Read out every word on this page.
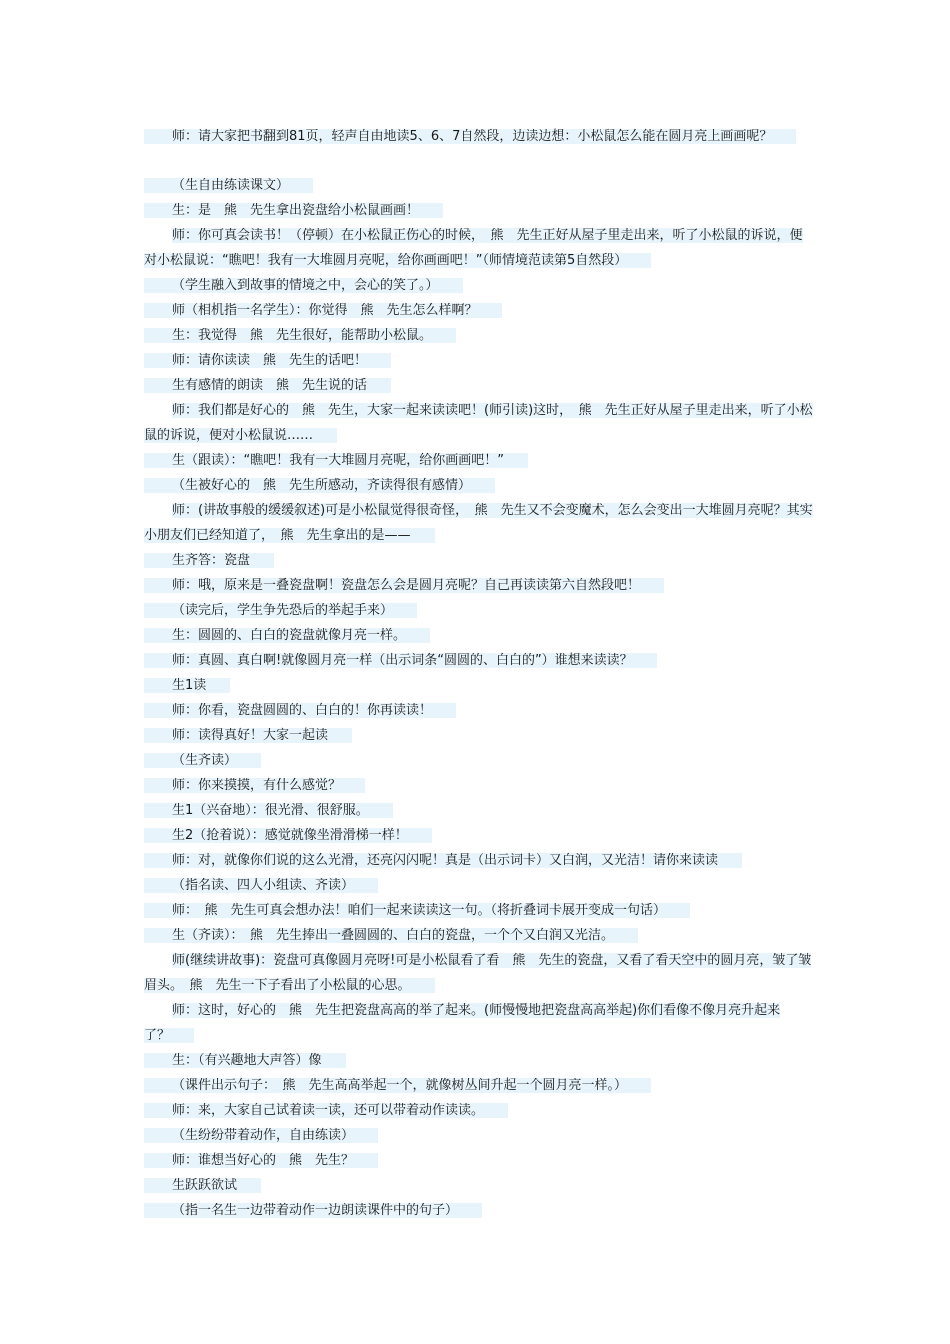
师：请大家把书翻到81页，轻声自由地读5、6、7自然段，边读边想：小松鼠怎么能在圆月亮上画画呢？
（生自由练读课文）
生：是　熊　先生拿出瓷盘给小松鼠画画！
师：你可真会读书！（停顿）在小松鼠正伤心的时候，　熊　先生正好从屋子里走出来，听了小松鼠的诉说，便对小松鼠说：“瞧吧！我有一大堆圆月亮呢，给你画画吧！”（师情境范读第5自然段）
（学生融入到故事的情境之中，会心的笑了。）
师（相机指一名学生）：你觉得　熊　先生怎么样啊？
生：我觉得　熊　先生很好，能帮助小松鼠。
师：请你读读　熊　先生的话吧！
生有感情的朗读　熊　先生说的话
师：我们都是好心的　熊　先生，大家一起来读读吧！(师引读)这时，　熊　先生正好从屋子里走出来，听了小松鼠的诉说，便对小松鼠说……
生（跟读）：“瞧吧！我有一大堆圆月亮呢，给你画画吧！”
（生被好心的　熊　先生所感动，齐读得很有感情）
师：(讲故事般的缓缓叙述)可是小松鼠觉得很奇怪，　熊　先生又不会变魔术，怎么会变出一大堆圆月亮呢？其实小朋友们已经知道了，　熊　先生拿出的是——
生齐答：瓷盘
师：哦，原来是一叠瓷盘啊！瓷盘怎么会是圆月亮呢？自己再读读第六自然段吧！
（读完后，学生争先恐后的举起手来）
生：圆圆的、白白的瓷盘就像月亮一样。
师：真圆、真白啊!就像圆月亮一样（出示词条“圆圆的、白白的”）谁想来读读？
生1读
师：你看，瓷盘圆圆的、白白的！你再读读！
师：读得真好！大家一起读
（生齐读）
师：你来摸摸，有什么感觉？
生1（兴奋地）：很光滑、很舒服。
生2（抢着说）：感觉就像坐滑滑梯一样！
师：对，就像你们说的这么光滑，还亮闪闪呢！真是（出示词卡）又白润，又光洁！请你来读读
（指名读、四人小组读、齐读）
师：　熊　先生可真会想办法！咱们一起来读读这一句。（将折叠词卡展开变成一句话）
生（齐读）：　熊　先生捧出一叠圆圆的、白白的瓷盘，一个个又白润又光洁。
师(继续讲故事)：瓷盘可真像圆月亮呀!可是小松鼠看了看　熊　先生的瓷盘，又看了看天空中的圆月亮，皱了皱眉头。　熊　先生一下子看出了小松鼠的心思。
师：这时，好心的　熊　先生把瓷盘高高的举了起来。(师慢慢地把瓷盘高高举起)你们看像不像月亮升起来了？
生：（有兴趣地大声答）像
（课件出示句子：　熊　先生高高举起一个，就像树丛间升起一个圆月亮一样。）
师：来，大家自己试着读一读，还可以带着动作读读。
（生纷纷带着动作，自由练读）
师：谁想当好心的　熊　先生？
生跃跃欲试
（指一名生一边带着动作一边朗读课件中的句子）
